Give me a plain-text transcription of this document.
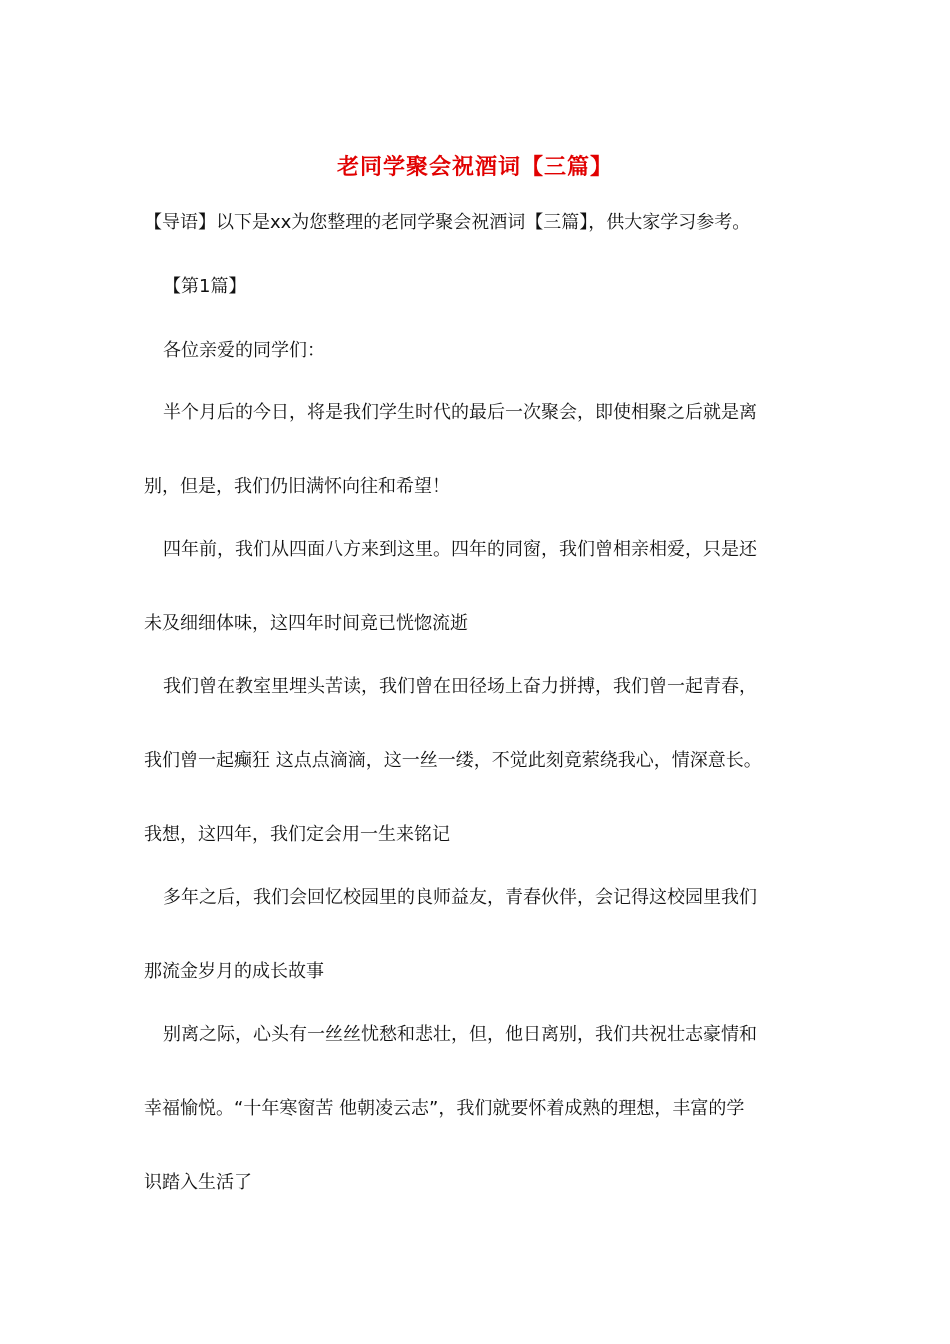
老同学聚会祝酒词【三篇】
【导语】以下是xx为您整理的老同学聚会祝酒词【三篇】，供大家学习参考。
【第1篇】
各位亲爱的同学们：
半个月后的今日，将是我们学生时代的最后一次聚会，即使相聚之后就是离
别，但是，我们仍旧满怀向往和希望！
四年前，我们从四面八方来到这里。四年的同窗，我们曾相亲相爱，只是还
未及细细体味，这四年时间竟已恍惚流逝
我们曾在教室里埋头苦读，我们曾在田径场上奋力拼搏，我们曾一起青春，
我们曾一起癫狂 这点点滴滴，这一丝一缕，不觉此刻竟萦绕我心，情深意长。
我想，这四年，我们定会用一生来铭记
多年之后，我们会回忆校园里的良师益友，青春伙伴，会记得这校园里我们
那流金岁月的成长故事
别离之际，心头有一丝丝忧愁和悲壮，但，他日离别，我们共祝壮志豪情和
幸福愉悦。“十年寒窗苦 他朝凌云志”，我们就要怀着成熟的理想，丰富的学
识踏入生活了
